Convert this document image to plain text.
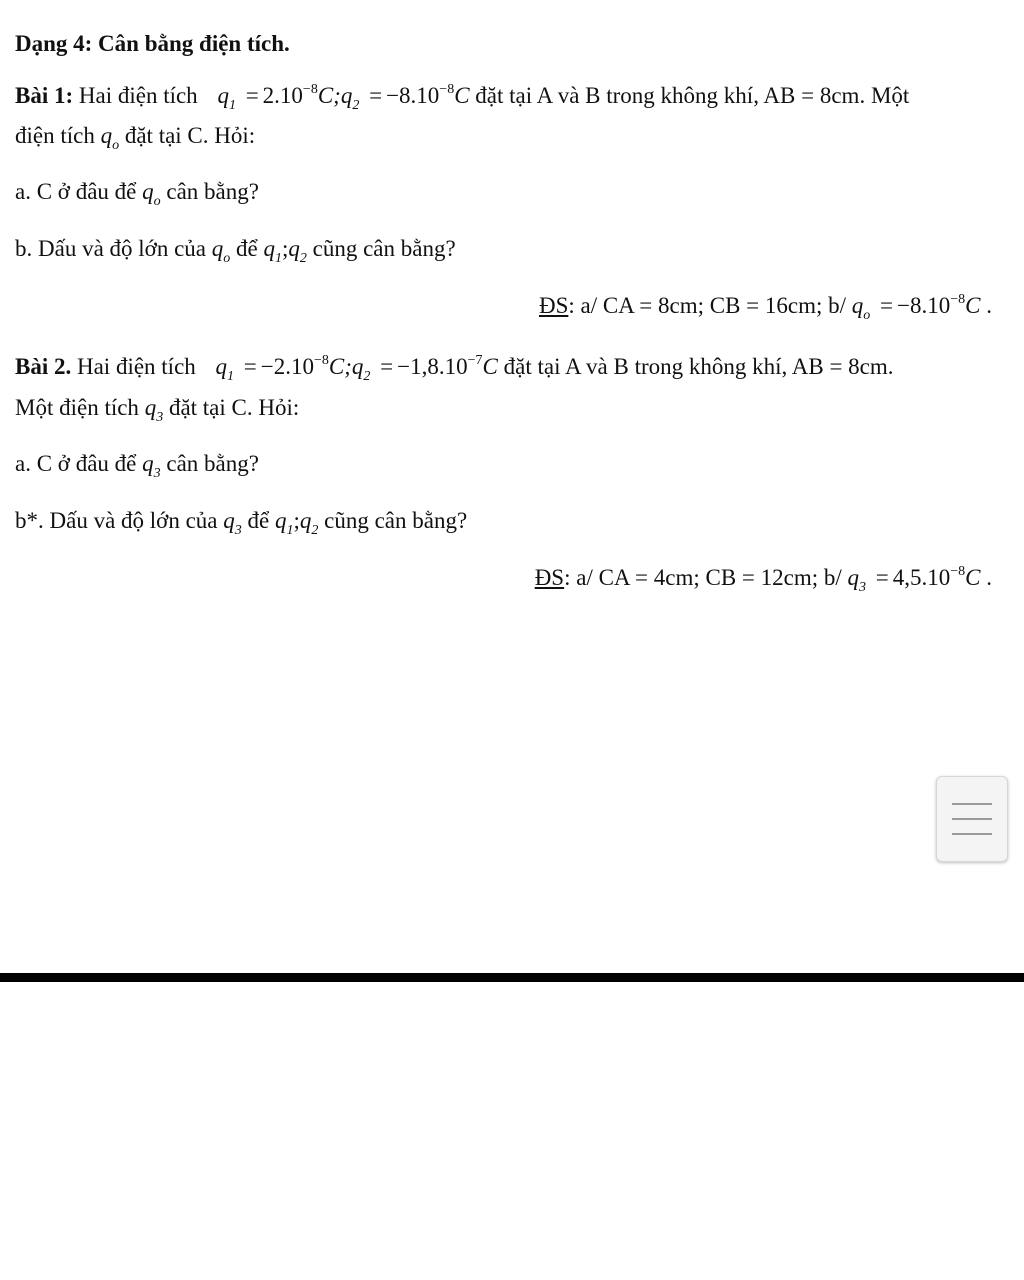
Dạng 4: Cân bằng điện tích.
Bài 1: Hai điện tích $q_1$ = $2.10^{-8}C;q_2 = -8.10^{-8}C$ đặt tại A và B trong không khí, AB = 8cm. Một
điện tích $q_o$ đặt tại C. Hỏi:
a. C ở đâu để $q_o$ cân bằng?
b. Dấu và độ lớn của $q_o$ để $q_1;q_2$ cũng cân bằng?
ĐS: a/ CA = 8cm; CB = 16cm; b/ $q_o = -8.10^{-8}C$ .
Bài 2. Hai điện tích $q_1$ = $-2.10^{-8}C;q_2 = -1,8.10^{-7}C$ đặt tại A và B trong không khí, AB = 8cm.
Một điện tích $q_3$ đặt tại C. Hỏi:
a. C ở đâu để $q_3$ cân bằng?
b*. Dấu và độ lớn của $q_3$ để $q_1;q_2$ cũng cân bằng?
ĐS: a/ CA = 4cm; CB = 12cm; b/ $q_3 = 4,5.10^{-8}C$ .
